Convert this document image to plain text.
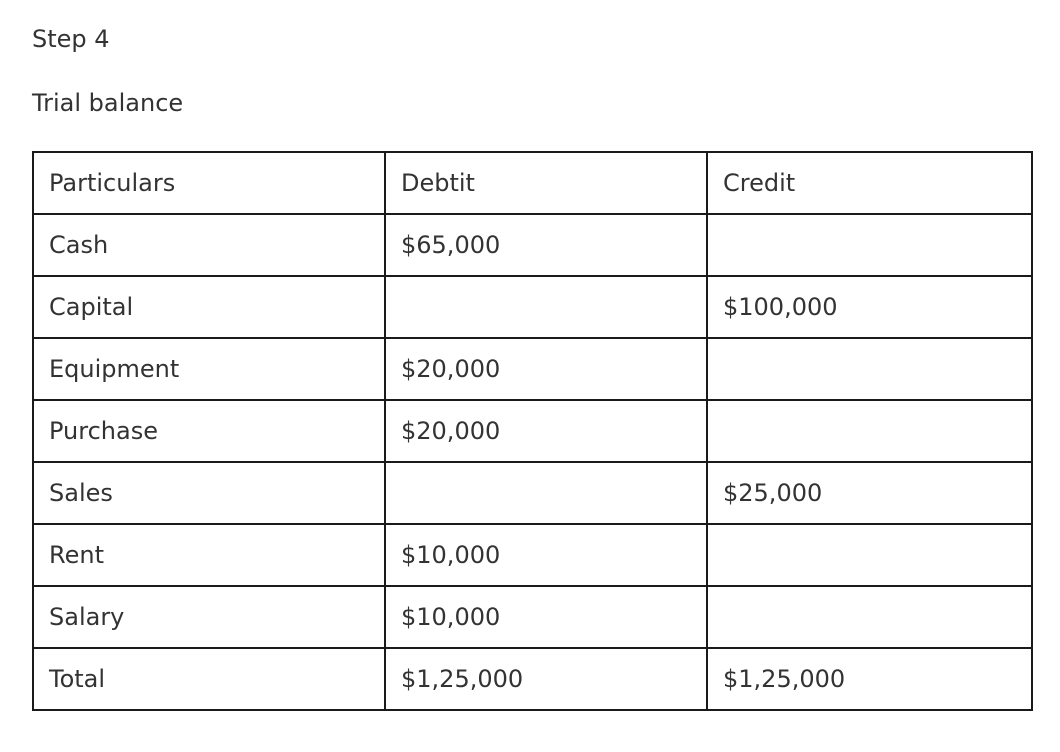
Step 4

Trial balance

Particulars	Debtit	Credit
Cash	$65,000	
Capital		$100,000
Equipment	$20,000	
Purchase	$20,000	
Sales		$25,000
Rent	$10,000	
Salary	$10,000	
Total	$1,25,000	$1,25,000
